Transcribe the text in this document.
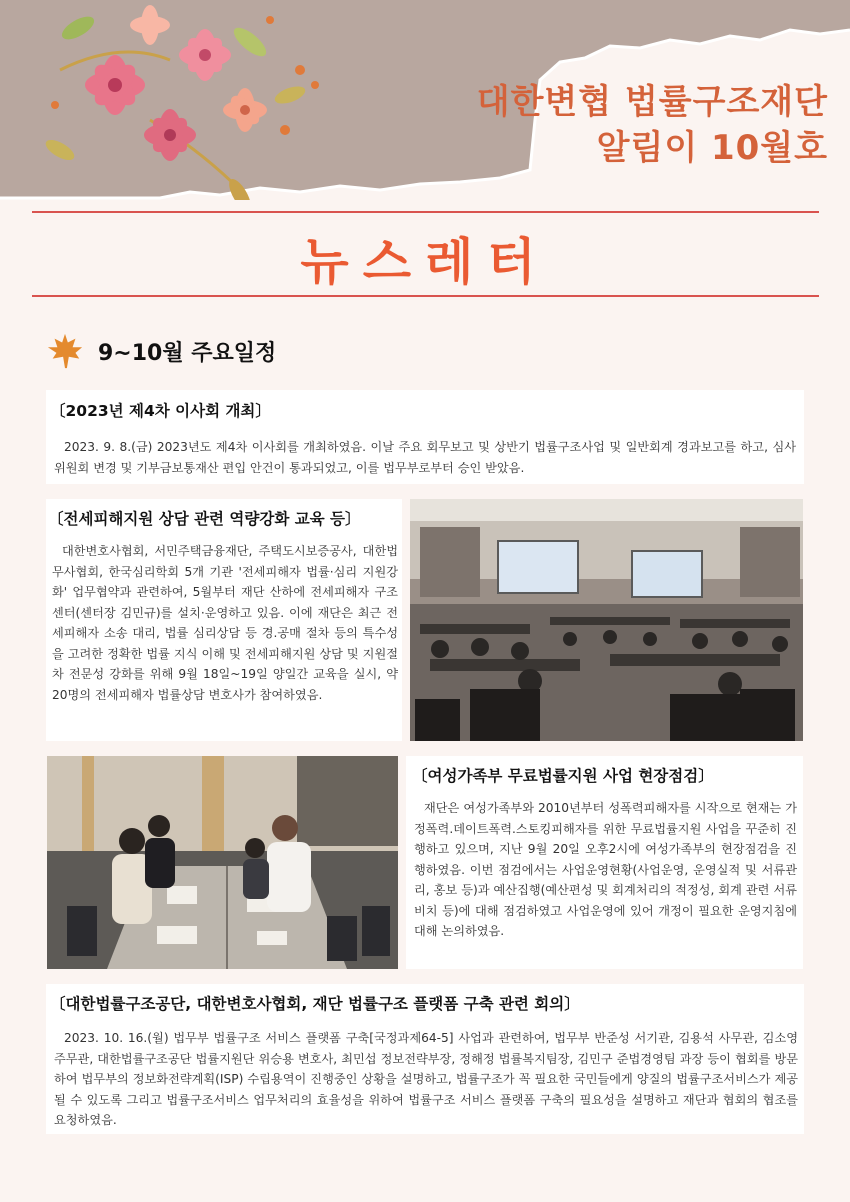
대한변협 법률구조재단
알림이 10월호
뉴스레터
9~10월 주요일정
〔2023년 제4차 이사회 개최〕

2023. 9. 8.(금) 2023년도 제4차 이사회를 개최하였음. 이날 주요 회무보고 및 상반기 법률구조사업 및 일반회계 경과보고를 하고, 심사위원회 변경 및 기부금보통재산 편입 안건이 통과되었고, 이를 법무부로부터 승인 받았음.

〔전세피해지원 상담 관련 역량강화 교육 등〕

대한변호사협회, 서민주택금융재단, 주택도시보증공사, 대한법무사협회, 한국심리학회 5개 기관 '전세피해자 법률·심리 지원강화' 업무협약과 관련하여, 5월부터 재단 산하에 전세피해자 구조센터(센터장 김민규)를 설치·운영하고 있음. 이에 재단은 최근 전세피해자 소송 대리, 법률 심리상담 등 경.공매 절차 등의 특수성을 고려한 정확한 법률 지식 이해 및 전세피해지원 상담 및 지원절차 전문성 강화를 위해 9월 18일~19일 양일간 교육을 실시, 약 20명의 전세피해자 법률상담 변호사가 참여하였음.

〔여성가족부 무료법률지원 사업 현장점검〕

재단은 여성가족부와 2010년부터 성폭력피해자를 시작으로 현재는 가정폭력.데이트폭력.스토킹피해자를 위한 무료법률지원 사업을 꾸준히 진행하고 있으며, 지난 9월 20일 오후2시에 여성가족부의 현장점검을 진행하였음. 이번 점검에서는 사업운영현황(사업운영, 운영실적 및 서류관리, 홍보 등)과 예산집행(예산편성 및 회계처리의 적정성, 회계 관련 서류비치 등)에 대해 점검하였고 사업운영에 있어 개정이 필요한 운영지침에 대해 논의하였음.

〔대한법률구조공단, 대한변호사협회, 재단 법률구조 플랫폼 구축 관련 회의〕

2023. 10. 16.(월) 법무부 법률구조 서비스 플랫폼 구축[국정과제64-5] 사업과 관련하여, 법무부 반준성 서기관, 김용석 사무관, 김소영 주무관, 대한법률구조공단 법률지원단 위승용 변호사, 최민섭 정보전략부장, 정해정 법률복지팀장, 김민구 준법경영팀 과장 등이 협회를 방문하여 법무부의 정보화전략계획(ISP) 수립용역이 진행중인 상황을 설명하고, 법률구조가 꼭 필요한 국민들에게 양질의 법률구조서비스가 제공될 수 있도록 그리고 법률구조서비스 업무처리의 효율성을 위하여 법률구조 서비스 플랫폼 구축의 필요성을 설명하고 재단과 협회의 협조를 요청하였음.
